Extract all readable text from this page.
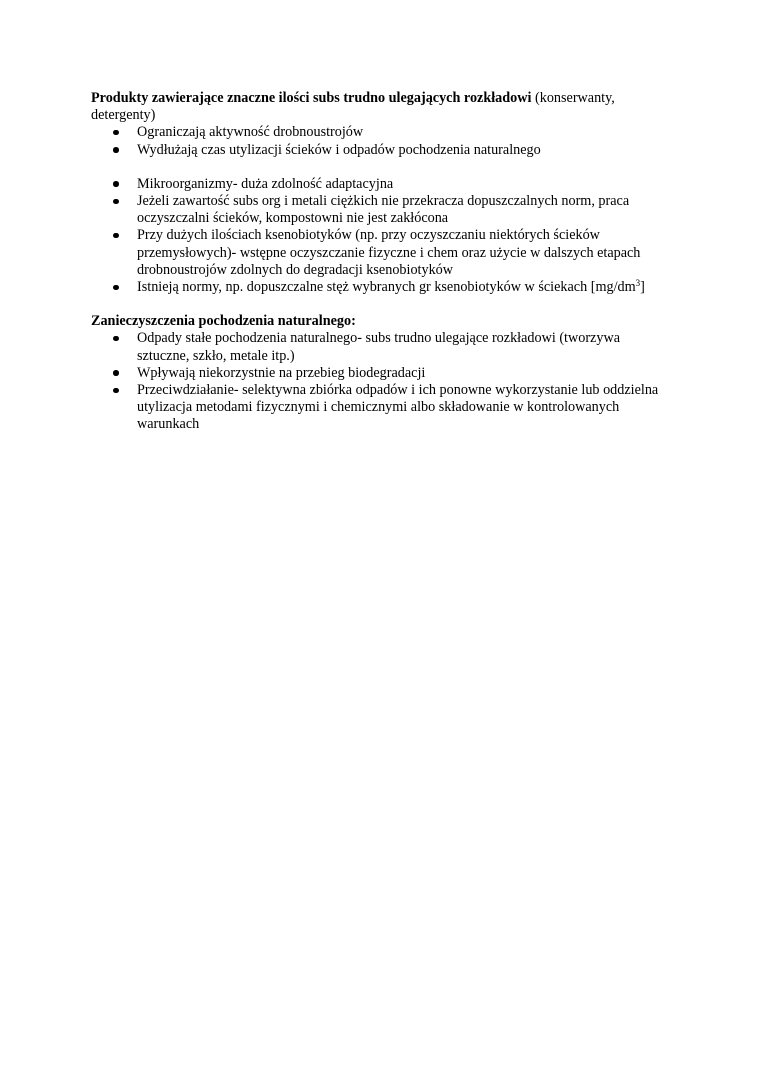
Produkty zawierające znaczne ilości subs trudno ulegających rozkładowi (konserwanty, detergenty)

Ograniczają aktywność drobnoustrojów
Wydłużają czas utylizacji ścieków i odpadów pochodzenia naturalnego
Mikroorganizmy- duża zdolność adaptacyjna
Jeżeli zawartość subs org i metali ciężkich nie przekracza dopuszczalnych norm, praca oczyszczalni ścieków, kompostowni nie jest zakłócona
Przy dużych ilościach ksenobiotyków (np. przy oczyszczaniu niektórych ścieków przemysłowych)- wstępne oczyszczanie fizyczne i chem oraz użycie w dalszych etapach drobnoustrojów zdolnych do degradacji ksenobiotyków
Istnieją normy, np. dopuszczalne stęż wybranych gr ksenobiotyków w ściekach $[mg/dm^3]$

Zanieczyszczenia pochodzenia naturalnego:

Odpady stałe pochodzenia naturalnego- subs trudno ulegające rozkładowi (tworzywa sztuczne, szkło, metale itp.)
Wpływają niekorzystnie na przebieg biodegradacji
Przeciwdziałanie- selektywna zbiórka odpadów i ich ponowne wykorzystanie lub oddzielna utylizacja metodami fizycznymi i chemicznymi albo składowanie w kontrolowanych warunkach
